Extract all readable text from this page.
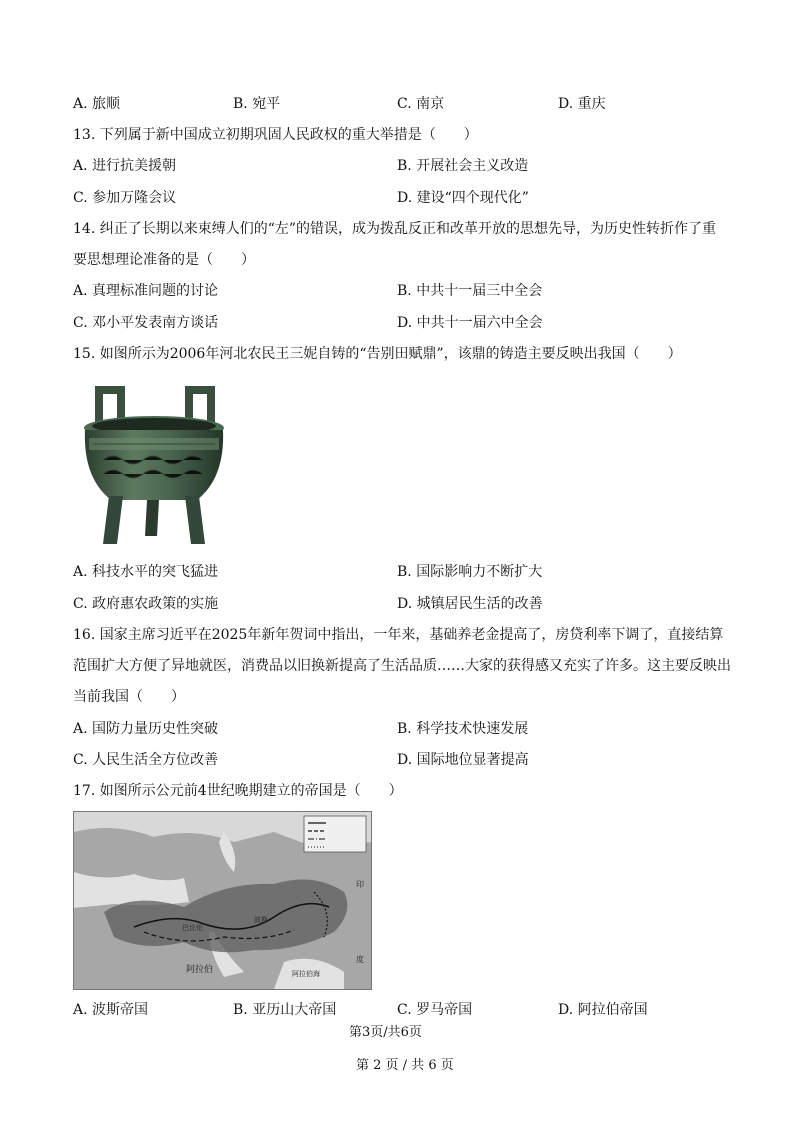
A. 旅顺	B. 宛平	C. 南京	D. 重庆
13. 下列属于新中国成立初期巩固人民政权的重大举措是（　　）
A. 进行抗美援朝	B. 开展社会主义改造
C. 参加万隆会议	D. 建设“四个现代化”
14. 纠正了长期以来束缚人们的“左”的错误，成为拨乱反正和改革开放的思想先导，为历史性转折作了重
要思想理论准备的是（　　）
A. 真理标准问题的讨论	B. 中共十一届三中全会
C. 邓小平发表南方谈话	D. 中共十一届六中全会
15. 如图所示为2006年河北农民王三妮自铸的“告别田赋鼎”，该鼎的铸造主要反映出我国（　　）
A. 科技水平的突飞猛进	B. 国际影响力不断扩大
C. 政府惠农政策的实施	D. 城镇居民生活的改善
16. 国家主席习近平在2025年新年贺词中指出，一年来，基础养老金提高了，房贷利率下调了，直接结算
范围扩大方便了异地就医，消费品以旧换新提高了生活品质……大家的获得感又充实了许多。这主要反映出
当前我国（　　）
A. 国防力量历史性突破	B. 科学技术快速发展
C. 人民生活全方位改善	D. 国际地位显著提高
17. 如图所示公元前4世纪晚期建立的帝国是（　　）
阿拉伯
巴比伦
印
阿拉伯海
波斯
度
A. 波斯帝国	B. 亚历山大帝国	C. 罗马帝国	D. 阿拉伯帝国
第3页/共6页
第 2 页 / 共 6 页
